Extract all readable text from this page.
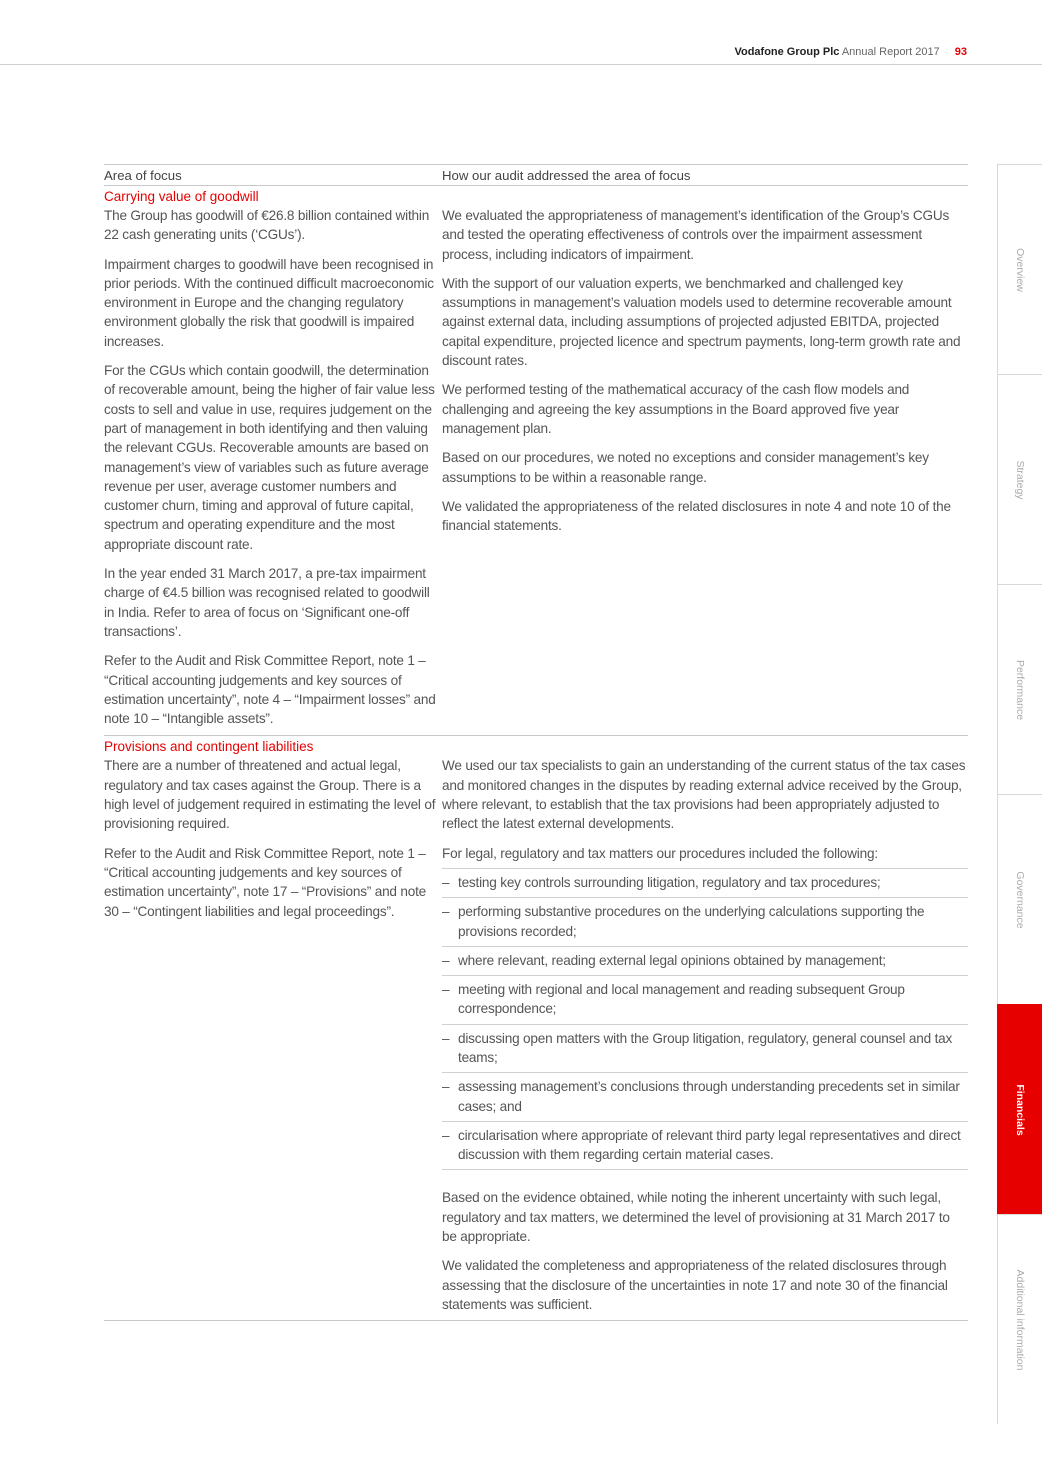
Vodafone Group Plc Annual Report 2017 93
Area of focus	How our audit addressed the area of focus
Carrying value of goodwill

The Group has goodwill of €26.8 billion contained within 22 cash generating units (‘CGUs’).

Impairment charges to goodwill have been recognised in prior periods. With the continued difficult macroeconomic environment in Europe and the changing regulatory environment globally the risk that goodwill is impaired increases.

For the CGUs which contain goodwill, the determination of recoverable amount, being the higher of fair value less costs to sell and value in use, requires judgement on the part of management in both identifying and then valuing the relevant CGUs. Recoverable amounts are based on management’s view of variables such as future average revenue per user, average customer numbers and customer churn, timing and approval of future capital, spectrum and operating expenditure and the most appropriate discount rate.

In the year ended 31 March 2017, a pre-tax impairment charge of €4.5 billion was recognised related to goodwill in India. Refer to area of focus on ‘Significant one-off transactions’.

Refer to the Audit and Risk Committee Report, note 1 – “Critical accounting judgements and key sources of estimation uncertainty”, note 4 – “Impairment losses” and note 10 – “Intangible assets”.

We evaluated the appropriateness of management’s identification of the Group’s CGUs and tested the operating effectiveness of controls over the impairment assessment process, including indicators of impairment.

With the support of our valuation experts, we benchmarked and challenged key assumptions in management’s valuation models used to determine recoverable amount against external data, including assumptions of projected adjusted EBITDA, projected capital expenditure, projected licence and spectrum payments, long-term growth rate and discount rates.

We performed testing of the mathematical accuracy of the cash flow models and challenging and agreeing the key assumptions in the Board approved five year management plan.

Based on our procedures, we noted no exceptions and consider management’s key assumptions to be within a reasonable range.

We validated the appropriateness of the related disclosures in note 4 and note 10 of the financial statements.

Provisions and contingent liabilities

There are a number of threatened and actual legal, regulatory and tax cases against the Group. There is a high level of judgement required in estimating the level of provisioning required.

Refer to the Audit and Risk Committee Report, note 1 – “Critical accounting judgements and key sources of estimation uncertainty”, note 17 – “Provisions” and note 30 – “Contingent liabilities and legal proceedings”.

We used our tax specialists to gain an understanding of the current status of the tax cases and monitored changes in the disputes by reading external advice received by the Group, where relevant, to establish that the tax provisions had been appropriately adjusted to reflect the latest external developments.

For legal, regulatory and tax matters our procedures included the following:

– testing key controls surrounding litigation, regulatory and tax procedures;
– performing substantive procedures on the underlying calculations supporting the provisions recorded;
– where relevant, reading external legal opinions obtained by management;
– meeting with regional and local management and reading subsequent Group correspondence;
– discussing open matters with the Group litigation, regulatory, general counsel and tax teams;
– assessing management’s conclusions through understanding precedents set in similar cases; and
– circularisation where appropriate of relevant third party legal representatives and direct discussion with them regarding certain material cases.

Based on the evidence obtained, while noting the inherent uncertainty with such legal, regulatory and tax matters, we determined the level of provisioning at 31 March 2017 to be appropriate.

We validated the completeness and appropriateness of the related disclosures through assessing that the disclosure of the uncertainties in note 17 and note 30 of the financial statements was sufficient.

Overview
Strategy
Performance
Governance
Financials
Additional information
